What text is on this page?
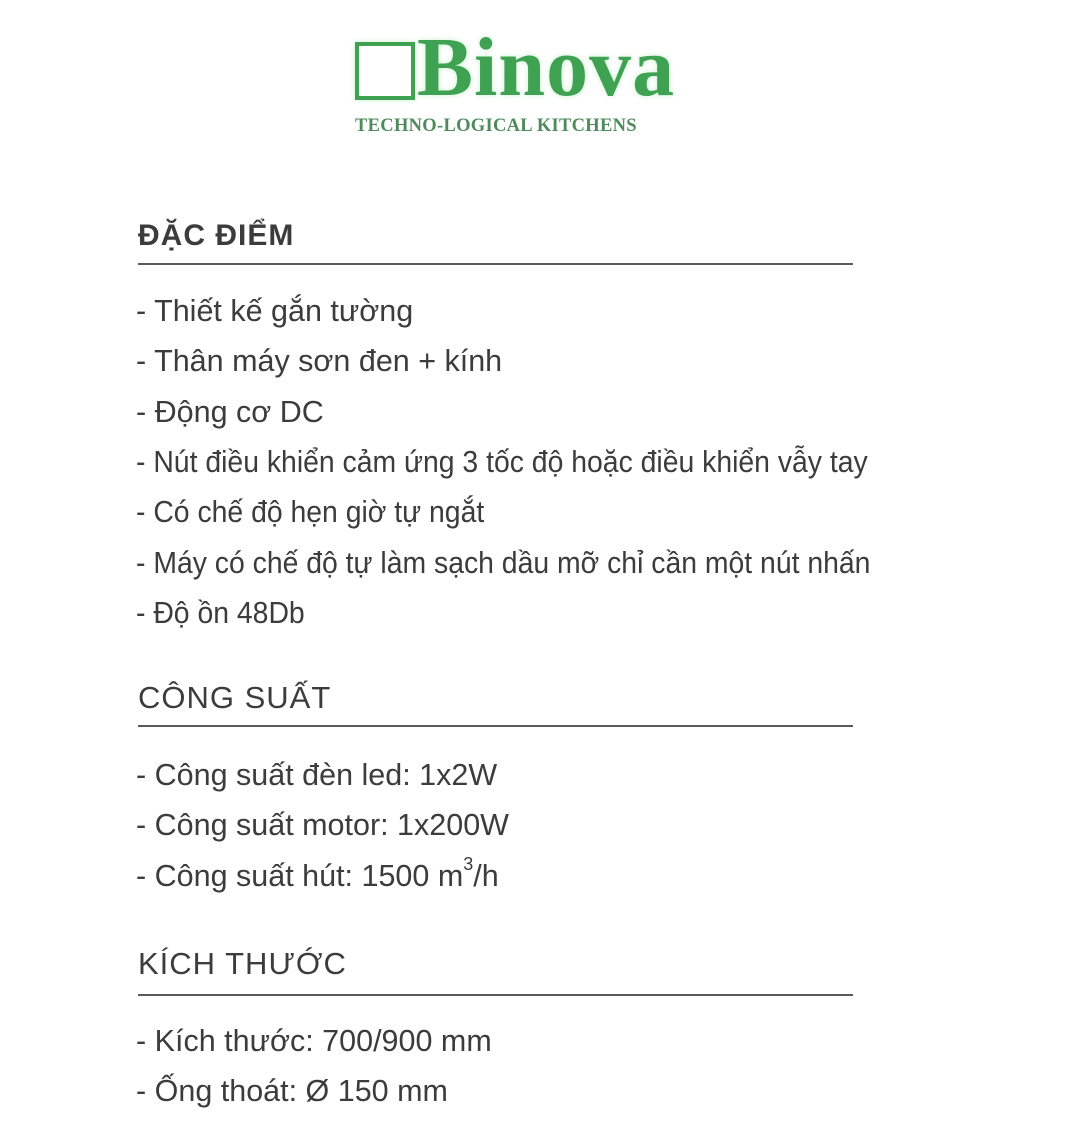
Binova
TECHNO-LOGICAL KITCHENS
ĐẶC ĐIỂM
- Thiết kế gắn tường
- Thân máy sơn đen + kính
- Động cơ DC
- Nút điều khiển cảm ứng 3 tốc độ hoặc điều khiển vẫy tay
- Có chế độ hẹn giờ tự ngắt
- Máy có chế độ tự làm sạch dầu mỡ chỉ cần một nút nhấn
- Độ ồn 48Db
CÔNG SUẤT
- Công suất đèn led: 1x2W
- Công suất motor: 1x200W
- Công suất hút: 1500 $m^3/h$
KÍCH THƯỚC
- Kích thước: 700/900 mm
- Ống thoát: Ø 150 mm
